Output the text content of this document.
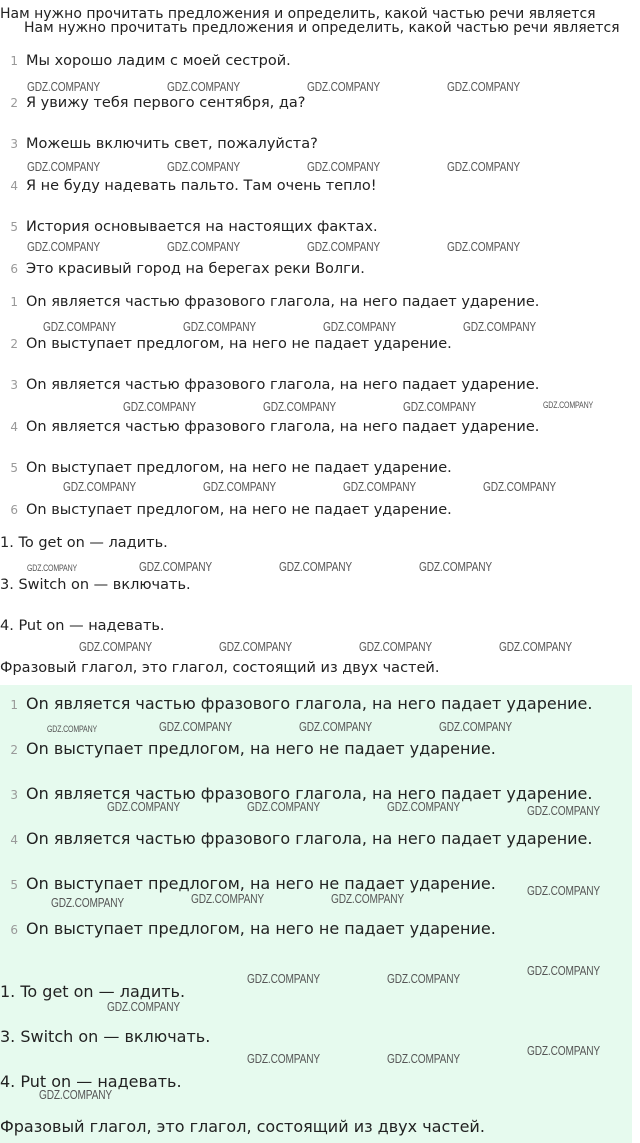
Нам нужно прочитать предложения и определить, какой частью речи является
Нам нужно прочитать предложения и определить, какой частью речи является
1 Мы хорошо ладим с моей сестрой.
2 Я увижу тебя первого сентября, да?
3 Можешь включить свет, пожалуйста?
4 Я не буду надевать пальто. Там очень тепло!
5 История основывается на настоящих фактах.
6 Это красивый город на берегах реки Волги.
1 On является частью фразового глагола, на него падает ударение.
2 On выступает предлогом, на него не падает ударение.
3 On является частью фразового глагола, на него падает ударение.
4 On является частью фразового глагола, на него падает ударение.
5 On выступает предлогом, на него не падает ударение.
6 On выступает предлогом, на него не падает ударение.
1. To get on — ладить.
3. Switch on — включать.
4. Put on — надевать.
Фразовый глагол, это глагол, состоящий из двух частей.
1 On является частью фразового глагола, на него падает ударение.
2 On выступает предлогом, на него не падает ударение.
3 On является частью фразового глагола, на него падает ударение.
4 On является частью фразового глагола, на него падает ударение.
5 On выступает предлогом, на него не падает ударение.
6 On выступает предлогом, на него не падает ударение.
1. To get on — ладить.
3. Switch on — включать.
4. Put on — надевать.
Фразовый глагол, это глагол, состоящий из двух частей.
GDZ.COMPANY	GDZ.COMPANY	GDZ.COMPANY	GDZ.COMPANY
GDZ.COMPANY	GDZ.COMPANY	GDZ.COMPANY	GDZ.COMPANY
GDZ.COMPANY	GDZ.COMPANY	GDZ.COMPANY	GDZ.COMPANY
GDZ.COMPANY	GDZ.COMPANY	GDZ.COMPANY	GDZ.COMPANY
GDZ.COMPANY	GDZ.COMPANY	GDZ.COMPANY	GDZ.COMPANY
GDZ.COMPANY	GDZ.COMPANY	GDZ.COMPANY	GDZ.COMPANY
GDZ.COMPANY	GDZ.COMPANY	GDZ.COMPANY	GDZ.COMPANY
GDZ.COMPANY	GDZ.COMPANY	GDZ.COMPANY	GDZ.COMPANY
GDZ.COMPANY	GDZ.COMPANY	GDZ.COMPANY	GDZ.COMPANY
GDZ.COMPANY	GDZ.COMPANY	GDZ.COMPANY	GDZ.COMPANY
GDZ.COMPANY
GDZ.COMPANY	GDZ.COMPANY	GDZ.COMPANY
GDZ.COMPANY
GDZ.COMPANY	GDZ.COMPANY
GDZ.COMPANY
GDZ.COMPANY
GDZ.COMPANY	GDZ.COMPANY
GDZ.COMPANY
